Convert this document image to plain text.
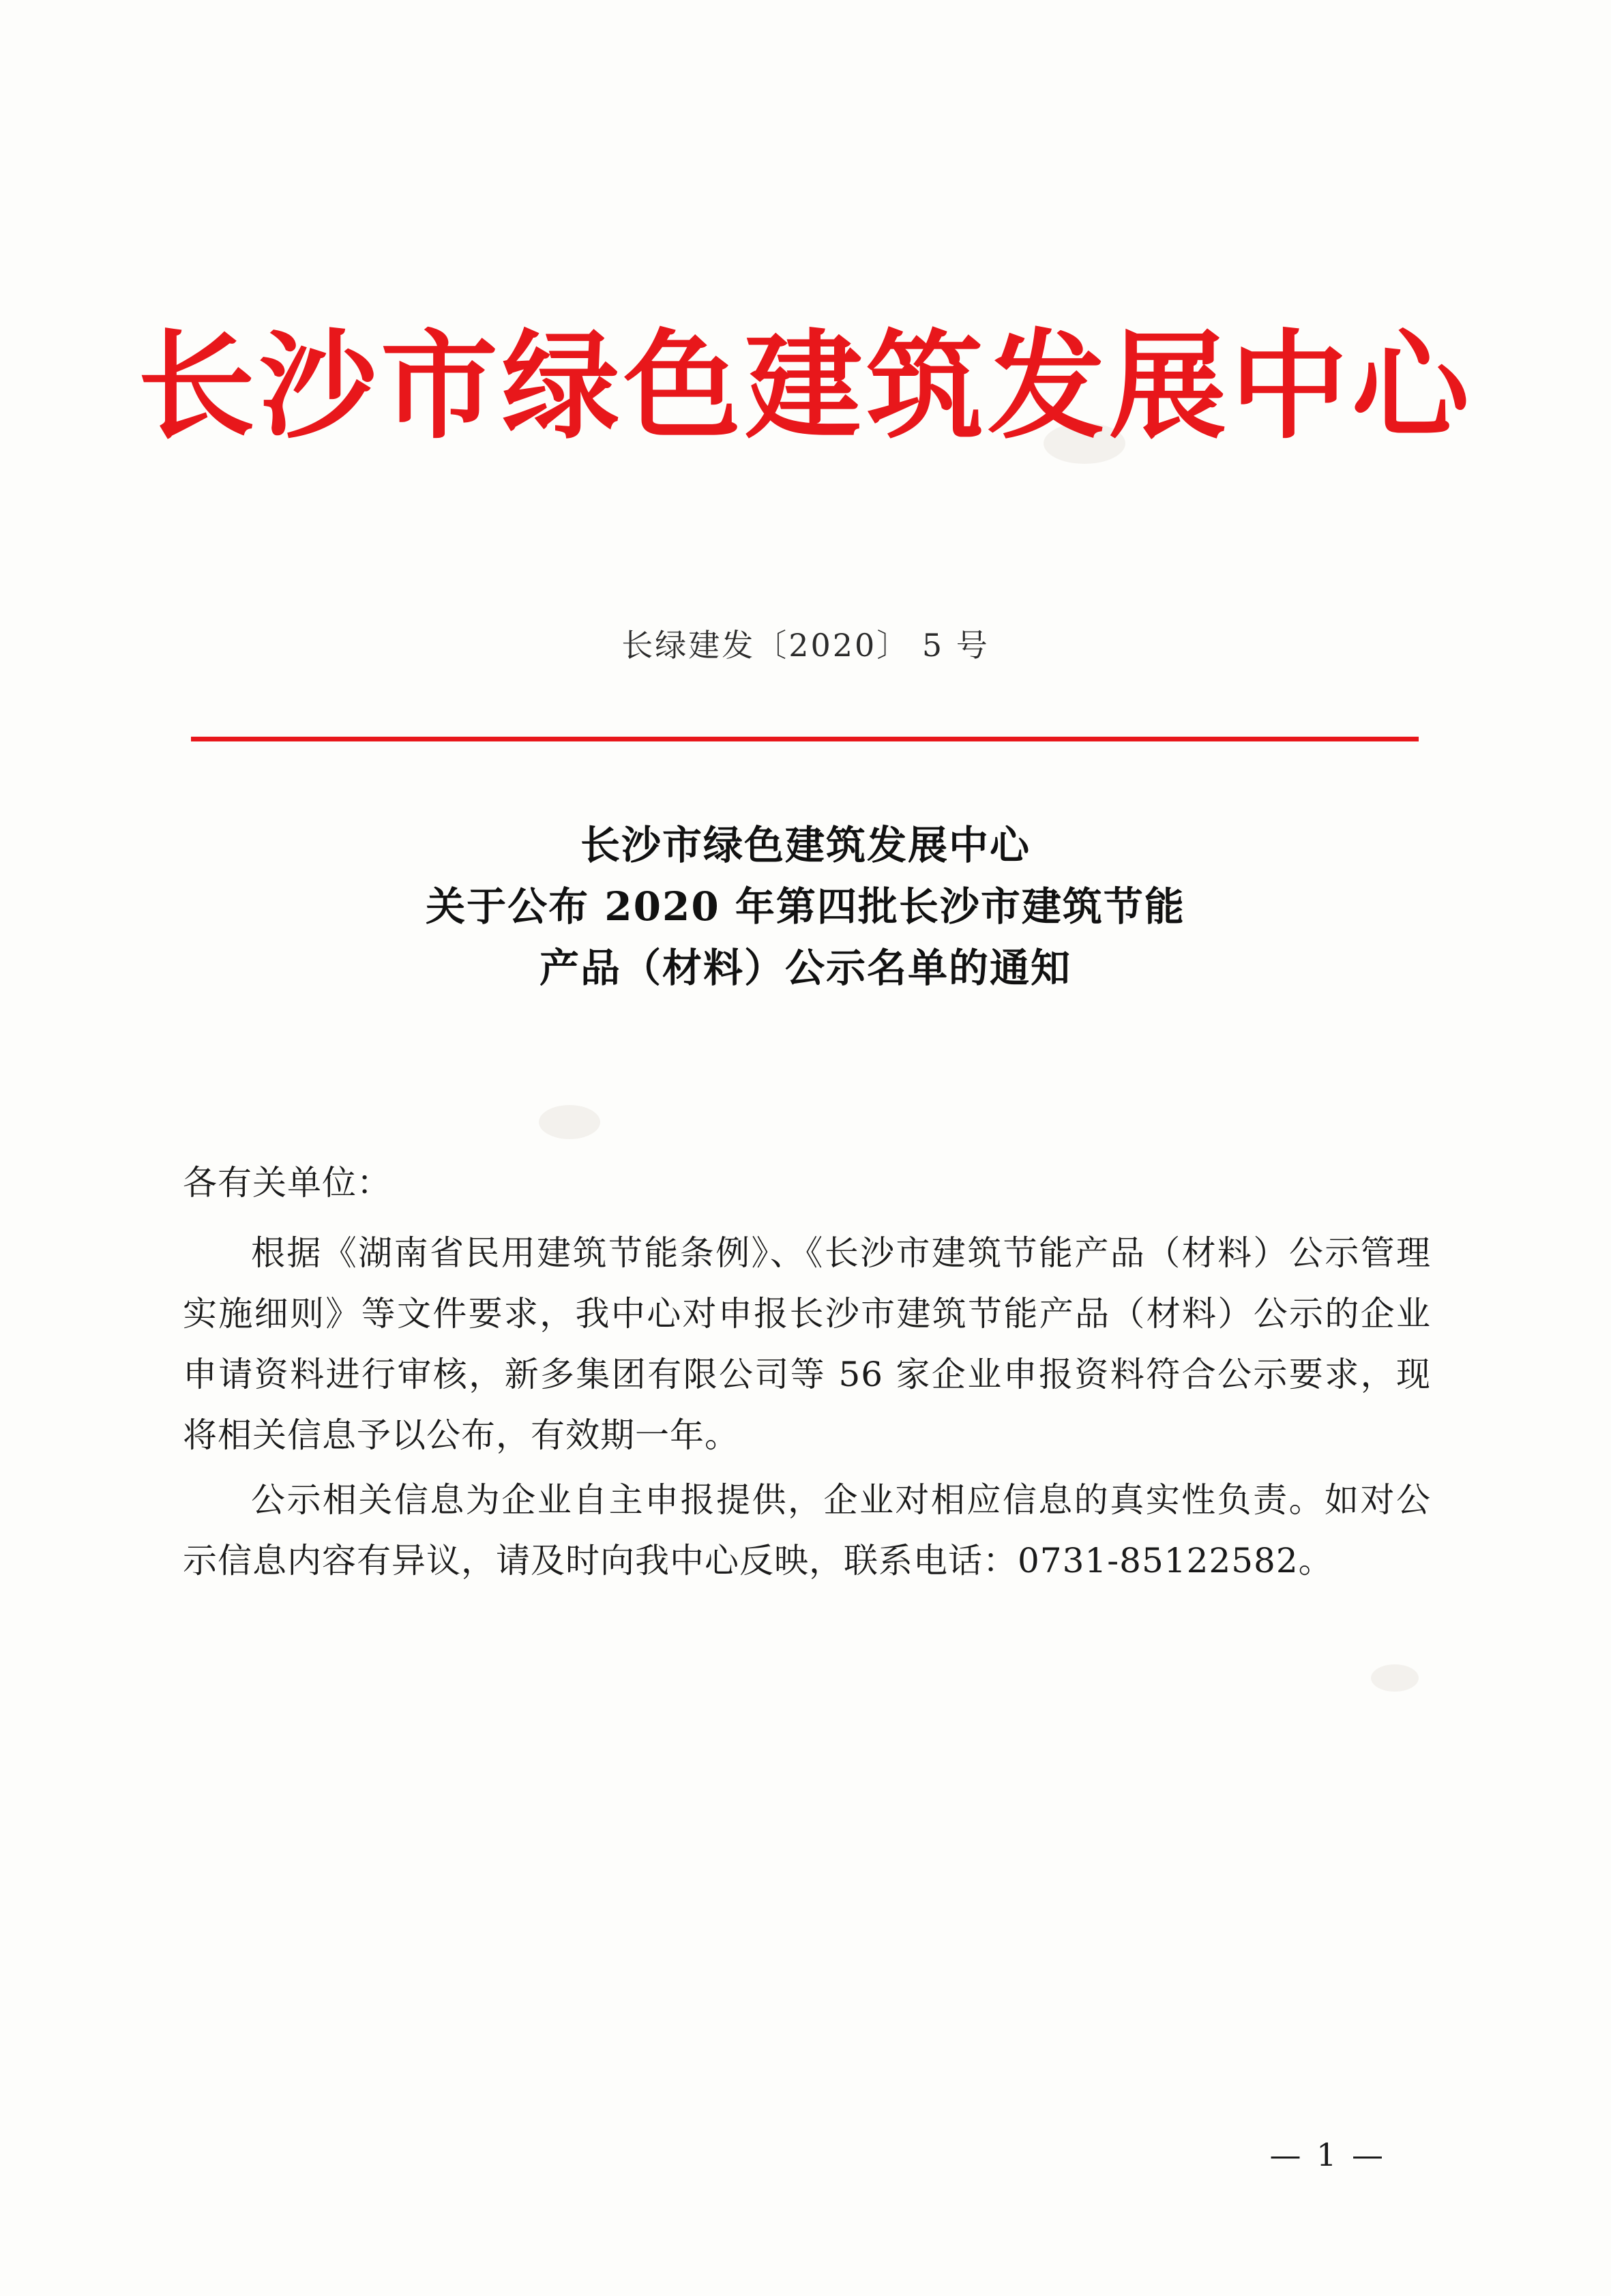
长沙市绿色建筑发展中心
长绿建发〔2020〕 5 号
长沙市绿色建筑发展中心
关于公布 2020 年第四批长沙市建筑节能
产品（材料）公示名单的通知

各有关单位：

根据《湖南省民用建筑节能条例》、《长沙市建筑节能产品（材料）公示管理实施细则》等文件要求，我中心对申报长沙市建筑节能产品（材料）公示的企业申请资料进行审核，新多集团有限公司等 56 家企业申报资料符合公示要求，现将相关信息予以公布，有效期一年。

公示相关信息为企业自主申报提供，企业对相应信息的真实性负责。如对公示信息内容有异议，请及时向我中心反映，联系电话：0731-85122582。

— 1 —
